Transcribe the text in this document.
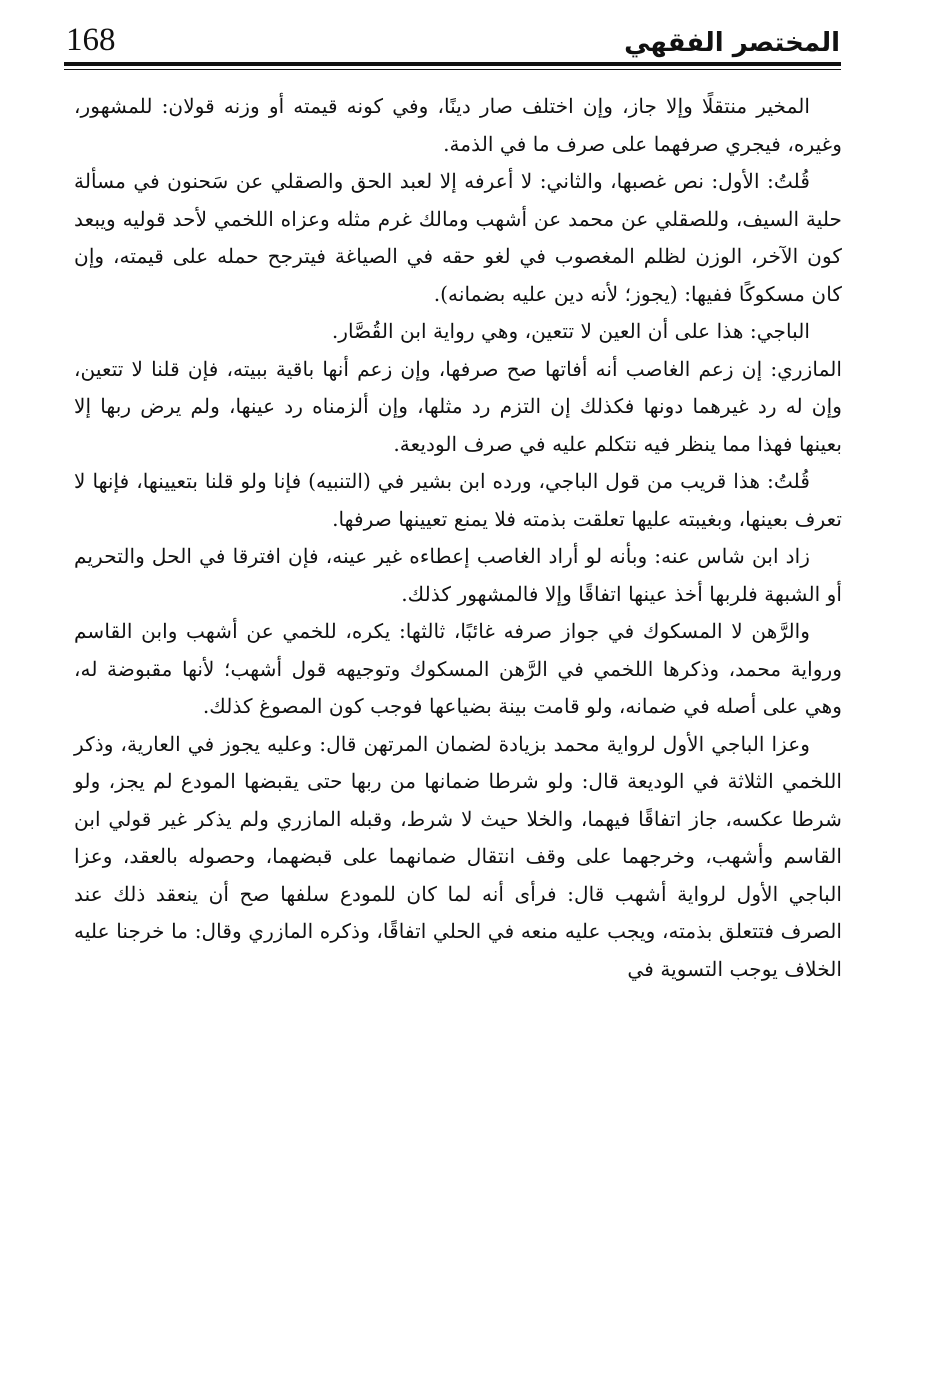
168	المختصر الفقهي

المخير منتقلًا وإلا جاز، وإن اختلف صار دينًا، وفي كونه قيمته أو وزنه قولان: للمشهور، وغيره، فيجري صرفهما على صرف ما في الذمة.

قُلتُ: الأول: نص غصبها، والثاني: لا أعرفه إلا لعبد الحق والصقلي عن سَحنون في مسألة حلية السيف، وللصقلي عن محمد عن أشهب ومالك غرم مثله وعزاه اللخمي لأحد قوليه ويبعد كون الآخر، الوزن لظلم المغصوب في لغو حقه في الصياغة فيترجح حمله على قيمته، وإن كان مسكوكًا ففيها: (يجوز؛ لأنه دين عليه بضمانه).

الباجي: هذا على أن العين لا تتعين، وهي رواية ابن القُصَّار.

المازري: إن زعم الغاصب أنه أفاتها صح صرفها، وإن زعم أنها باقية ببيته، فإن قلنا لا تتعين، وإن له رد غيرهما دونها فكذلك إن التزم رد مثلها، وإن ألزمناه رد عينها، ولم يرض ربها إلا بعينها فهذا مما ينظر فيه نتكلم عليه في صرف الوديعة.

قُلتُ: هذا قريب من قول الباجي، ورده ابن بشير في (التنبيه) فإنا ولو قلنا بتعيينها، فإنها لا تعرف بعينها، وبغيبته عليها تعلقت بذمته فلا يمنع تعيينها صرفها.

زاد ابن شاس عنه: وبأنه لو أراد الغاصب إعطاءه غير عينه، فإن افترقا في الحل والتحريم أو الشبهة فلربها أخذ عينها اتفاقًا وإلا فالمشهور كذلك.

والرَّهن لا المسكوك في جواز صرفه غائبًا، ثالثها: يكره، للخمي عن أشهب وابن القاسم ورواية محمد، وذكرها اللخمي في الرَّهن المسكوك وتوجيهه قول أشهب؛ لأنها مقبوضة له، وهي على أصله في ضمانه، ولو قامت بينة بضياعها فوجب كون المصوغ كذلك.

وعزا الباجي الأول لرواية محمد بزيادة لضمان المرتهن قال: وعليه يجوز في العارية، وذكر اللخمي الثلاثة في الوديعة قال: ولو شرطا ضمانها من ربها حتى يقبضها المودع لم يجز، ولو شرطا عكسه، جاز اتفاقًا فيهما، والخلا حيث لا شرط، وقبله المازري ولم يذكر غير قولي ابن القاسم وأشهب، وخرجهما على وقف انتقال ضمانهما على قبضهما، وحصوله بالعقد، وعزا الباجي الأول لرواية أشهب قال: فرأى أنه لما كان للمودع سلفها صح أن ينعقد ذلك عند الصرف فتتعلق بذمته، ويجب عليه منعه في الحلي اتفاقًا، وذكره المازري وقال: ما خرجنا عليه الخلاف يوجب التسوية في
